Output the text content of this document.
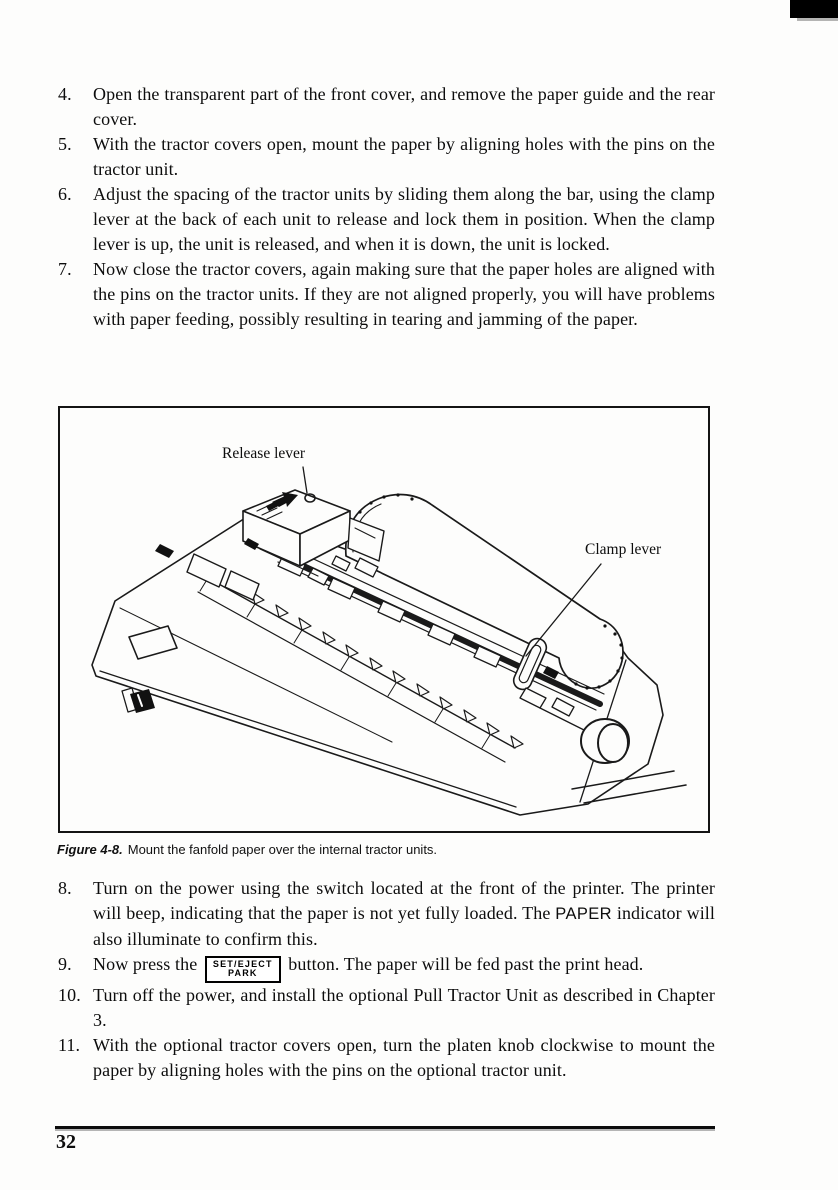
4. Open the transparent part of the front cover, and remove the paper guide and the rear cover.
5. With the tractor covers open, mount the paper by aligning holes with the pins on the tractor unit.
6. Adjust the spacing of the tractor units by sliding them along the bar, using the clamp lever at the back of each unit to release and lock them in position. When the clamp lever is up, the unit is released, and when it is down, the unit is locked.
7. Now close the tractor covers, again making sure that the paper holes are aligned with the pins on the tractor units. If they are not aligned properly, you will have problems with paper feeding, possibly resulting in tearing and jamming of the paper.
Release lever
Clamp lever
Figure 4-8. Mount the fanfold paper over the internal tractor units.
8. Turn on the power using the switch located at the front of the printer. The printer will beep, indicating that the paper is not yet fully loaded. The PAPER indicator will also illuminate to confirm this.
9. Now press the SET/EJECT
PARK	button. The paper will be fed past the print head.
10. Turn off the power, and install the optional Pull Tractor Unit as described in Chapter 3.
11. With the optional tractor covers open, turn the platen knob clockwise to mount the paper by aligning holes with the pins on the optional tractor unit.
32
